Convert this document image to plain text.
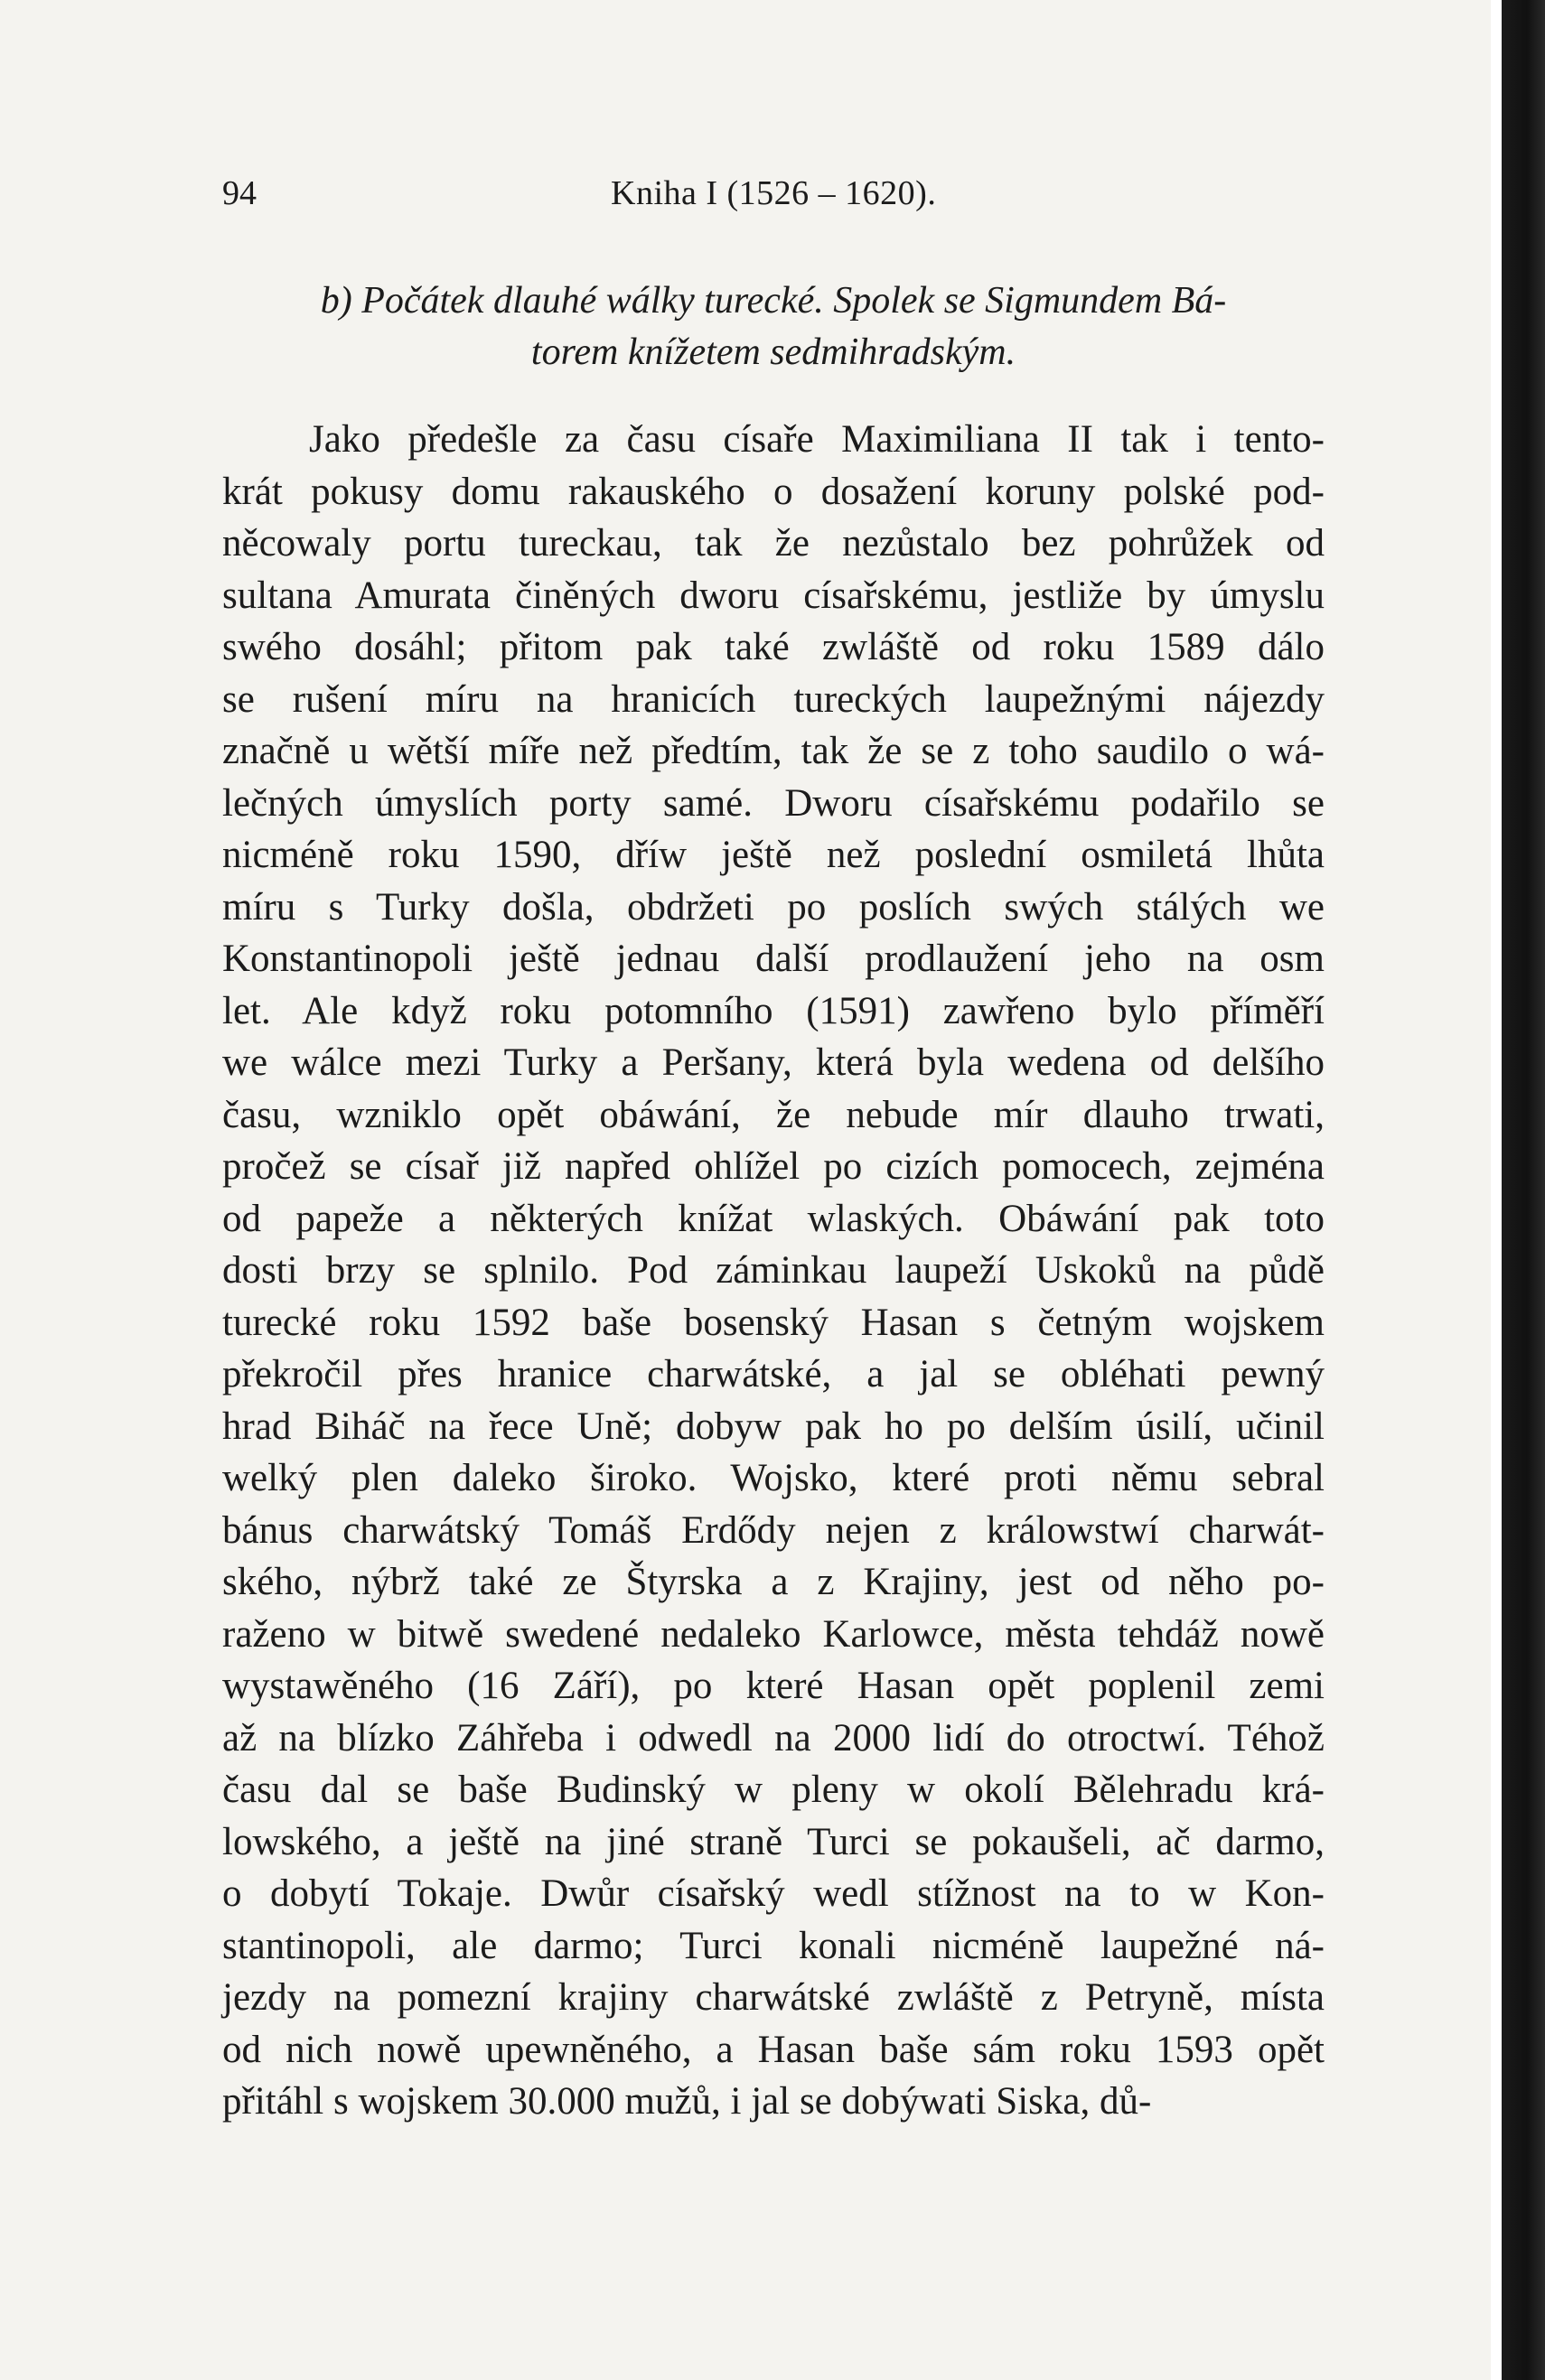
94	Kniha I (1526 – 1620).
b) Počátek dlauhé wálky turecké. Spolek se Sigmundem Bá-
torem knížetem sedmihradským.
Jako předešle za času císaře Maximiliana II tak i tento-
krát pokusy domu rakauského o dosažení koruny polské pod-
něcowaly portu tureckau, tak že nezůstalo bez pohrůžek od
sultana Amurata činěných dworu císařskému, jestliže by úmyslu
swého dosáhl; přitom pak také zwláště od roku 1589 dálo
se rušení míru na hranicích tureckých laupežnými nájezdy
značně u wětší míře než předtím, tak že se z toho saudilo o wá-
lečných úmyslích porty samé. Dworu císařskému podařilo se
nicméně roku 1590, dříw ještě než poslední osmiletá lhůta
míru s Turky došla, obdržeti po poslích swých stálých we
Konstantinopoli ještě jednau další prodlaužení jeho na osm
let. Ale když roku potomního (1591) zawřeno bylo příměří
we wálce mezi Turky a Peršany, která byla wedena od delšího
času, wzniklo opět obáwání, že nebude mír dlauho trwati,
pročež se císař již napřed ohlížel po cizích pomocech, zejména
od papeže a některých knížat wlaských. Obáwání pak toto
dosti brzy se splnilo. Pod záminkau laupeží Uskoků na půdě
turecké roku 1592 baše bosenský Hasan s četným wojskem
překročil přes hranice charwátské, a jal se obléhati pewný
hrad Biháč na řece Uně; dobyw pak ho po delším úsilí, učinil
welký plen daleko široko. Wojsko, které proti němu sebral
bánus charwátský Tomáš Erdődy nejen z králowstwí charwát-
ského, nýbrž také ze Štyrska a z Krajiny, jest od něho po-
raženo w bitwě swedené nedaleko Karlowce, města tehdáž nowě
wystawěného (16 Září), po které Hasan opět poplenil zemi
až na blízko Záhřeba i odwedl na 2000 lidí do otroctwí. Téhož
času dal se baše Budinský w pleny w okolí Bělehradu krá-
lowského, a ještě na jiné straně Turci se pokaušeli, ač darmo,
o dobytí Tokaje. Dwůr císařský wedl stížnost na to w Kon-
stantinopoli, ale darmo; Turci konali nicméně laupežné ná-
jezdy na pomezní krajiny charwátské zwláště z Petryně, místa
od nich nowě upewněného, a Hasan baše sám roku 1593 opět
přitáhl s wojskem 30.000 mužů, i jal se dobýwati Siska, dů-
